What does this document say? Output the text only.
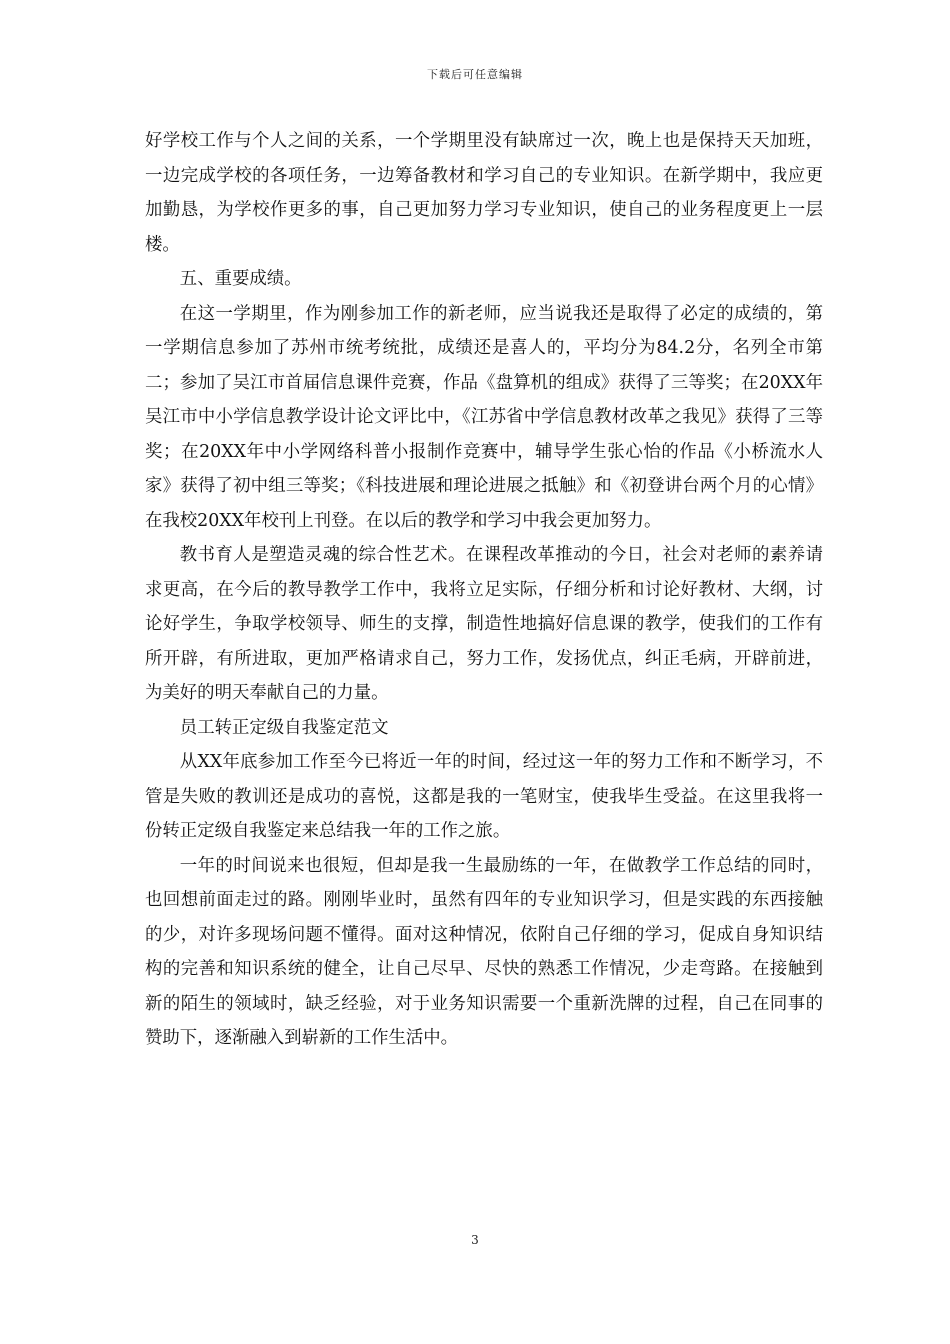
下载后可任意编辑

好学校工作与个人之间的关系，一个学期里没有缺席过一次，晚上也是保持天天加班，一边完成学校的各项任务，一边筹备教材和学习自己的专业知识。在新学期中，我应更加勤恳，为学校作更多的事，自己更加努力学习专业知识，使自己的业务程度更上一层楼。

五、重要成绩。

在这一学期里，作为刚参加工作的新老师，应当说我还是取得了必定的成绩的，第一学期信息参加了苏州市统考统批，成绩还是喜人的，平均分为84.2分，名列全市第二；参加了吴江市首届信息课件竞赛，作品《盘算机的组成》获得了三等奖；在20XX年吴江市中小学信息教学设计论文评比中，《江苏省中学信息教材改革之我见》获得了三等奖；在20XX年中小学网络科普小报制作竞赛中，辅导学生张心怡的作品《小桥流水人家》获得了初中组三等奖；《科技进展和理论进展之抵触》和《初登讲台两个月的心情》在我校20XX年校刊上刊登。在以后的教学和学习中我会更加努力。

教书育人是塑造灵魂的综合性艺术。在课程改革推动的今日，社会对老师的素养请求更高，在今后的教导教学工作中，我将立足实际，仔细分析和讨论好教材、大纲，讨论好学生，争取学校领导、师生的支撑，制造性地搞好信息课的教学，使我们的工作有所开辟，有所进取，更加严格请求自己，努力工作，发扬优点，纠正毛病，开辟前进，为美好的明天奉献自己的力量。

员工转正定级自我鉴定范文

从XX年底参加工作至今已将近一年的时间，经过这一年的努力工作和不断学习，不管是失败的教训还是成功的喜悦，这都是我的一笔财宝，使我毕生受益。在这里我将一份转正定级自我鉴定来总结我一年的工作之旅。

一年的时间说来也很短，但却是我一生最励练的一年，在做教学工作总结的同时，也回想前面走过的路。刚刚毕业时，虽然有四年的专业知识学习，但是实践的东西接触的少，对许多现场问题不懂得。面对这种情况，依附自己仔细的学习，促成自身知识结构的完善和知识系统的健全，让自己尽早、尽快的熟悉工作情况，少走弯路。在接触到新的陌生的领域时，缺乏经验，对于业务知识需要一个重新洗牌的过程，自己在同事的赞助下，逐渐融入到崭新的工作生活中。

3
